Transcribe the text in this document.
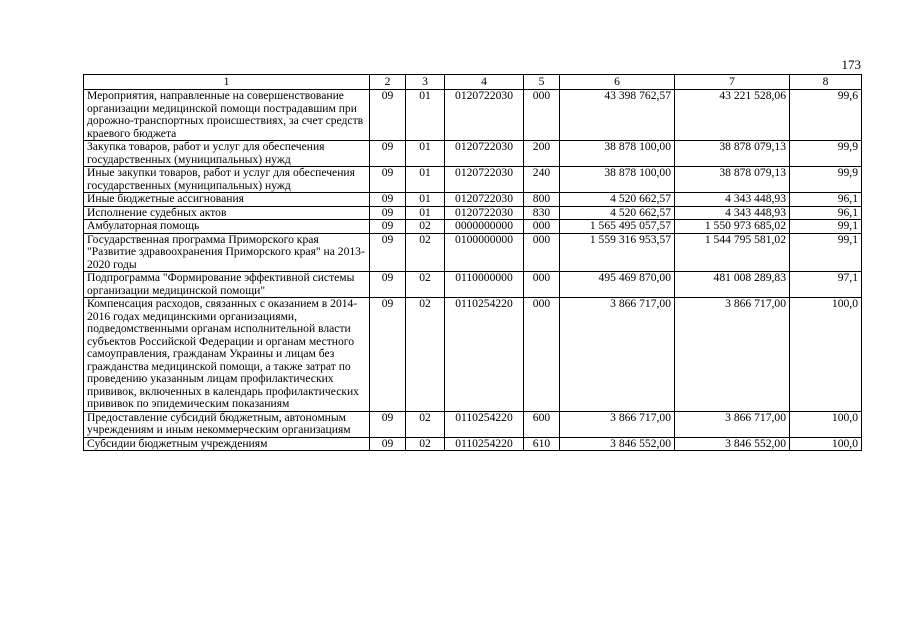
173
1	2	3	4	5	6	7	8
Мероприятия, направленные на совершенствование организации медицинской помощи пострадавшим при дорожно-транспортных происшествиях, за счет средств краевого бюджета	09	01	0120722030	000	43 398 762,57	43 221 528,06	99,6
Закупка товаров, работ и услуг для обеспечения государственных (муниципальных) нужд	09	01	0120722030	200	38 878 100,00	38 878 079,13	99,9
Иные закупки товаров, работ и услуг для обеспечения государственных (муниципальных) нужд	09	01	0120722030	240	38 878 100,00	38 878 079,13	99,9
Иные бюджетные ассигнования	09	01	0120722030	800	4 520 662,57	4 343 448,93	96,1
Исполнение судебных актов	09	01	0120722030	830	4 520 662,57	4 343 448,93	96,1
Амбулаторная помощь	09	02	0000000000	000	1 565 495 057,57	1 550 973 685,02	99,1
Государственная программа Приморского края "Развитие здравоохранения Приморского края" на 2013-2020 годы	09	02	0100000000	000	1 559 316 953,57	1 544 795 581,02	99,1
Подпрограмма "Формирование эффективной системы организации медицинской помощи"	09	02	0110000000	000	495 469 870,00	481 008 289,83	97,1
Компенсация расходов, связанных с оказанием в 2014-2016 годах медицинскими организациями, подведомственными органам исполнительной власти субъектов Российской Федерации и органам местного самоуправления, гражданам Украины и лицам без гражданства медицинской помощи, а также затрат по проведению указанным лицам профилактических прививок, включенных в календарь профилактических прививок по эпидемическим показаниям	09	02	0110254220	000	3 866 717,00	3 866 717,00	100,0
Предоставление субсидий бюджетным, автономным учреждениям и иным некоммерческим организациям	09	02	0110254220	600	3 866 717,00	3 866 717,00	100,0
Субсидии бюджетным учреждениям	09	02	0110254220	610	3 846 552,00	3 846 552,00	100,0
